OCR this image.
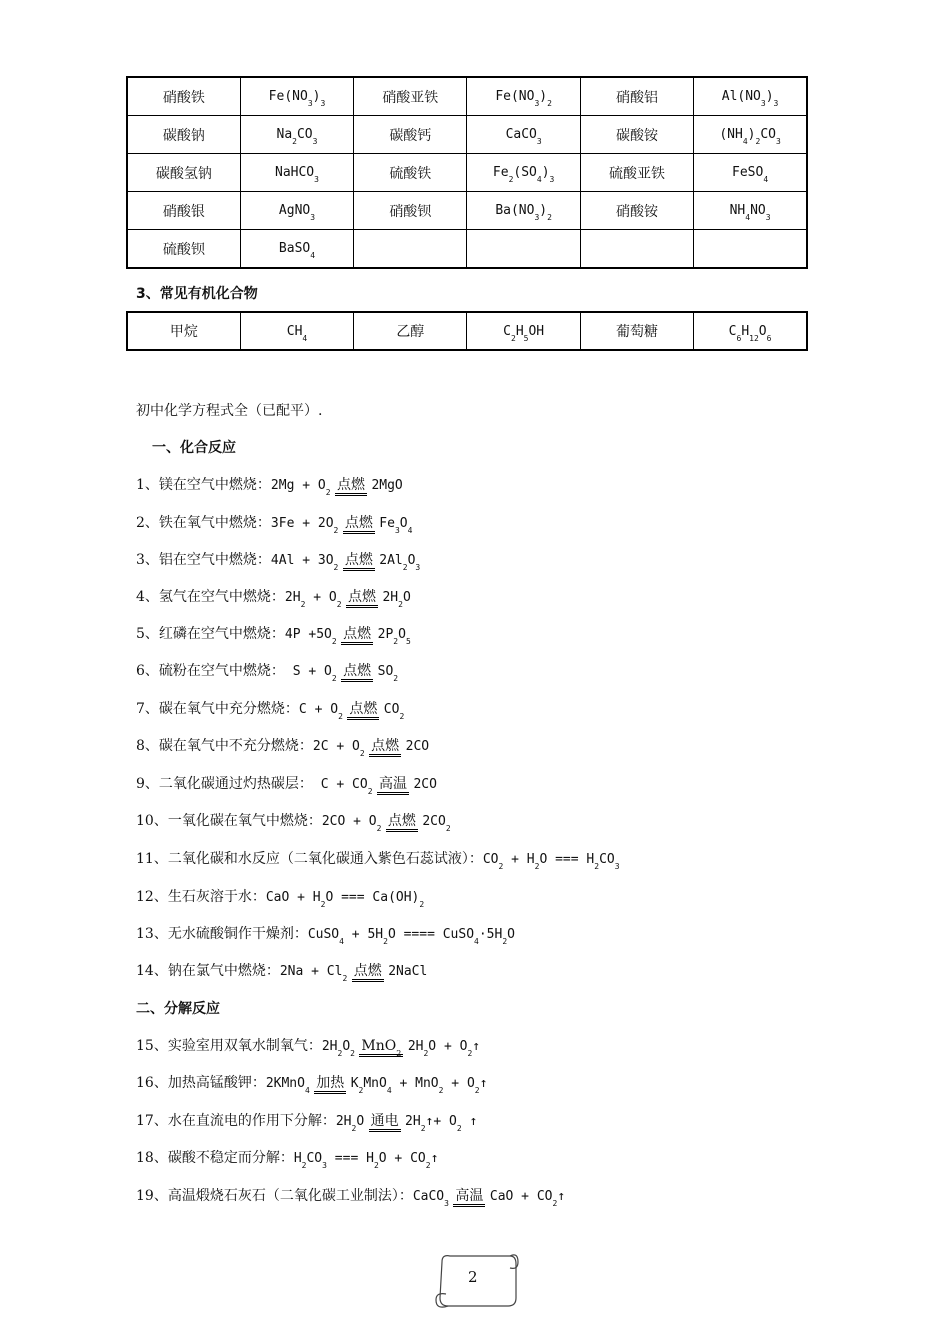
硝酸铁	$Fe(NO_3)_3$	硝酸亚铁	$Fe(NO_3)_2$	硝酸铝	$Al(NO_3)_3$
碳酸钠	$Na_2CO_3$	碳酸钙	CaCO$_3$	碳酸铵	$(NH_4)_2CO_3$
碳酸氢钠	NaHCO$_3$	硫酸铁	$Fe_2(SO_4)_3$	硫酸亚铁	FeSO$_4$
硝酸银	AgNO$_3$	硝酸钡	$Ba(NO_3)_2$	硝酸铵	$NH_4NO_3$
硫酸钡	BaSO$_4$				
3、常见有机化合物
甲烷	$CH_4$	乙醇	$C_2H_5OH$	葡萄糖	$C_6H_{12}O_6$
初中化学方程式全（已配平）.
一、化合反应
二、分解反应
1、镁在空气中燃烧：$2Mg + O_2$ 点燃 2MgO
2、铁在氧气中燃烧：$3Fe + 2O_2$ 点燃 $Fe_3O_4$
3、铝在空气中燃烧：$4Al + 3O_2$ 点燃 $2Al_2O_3$
4、氢气在空气中燃烧：$2H_2 + O_2$ 点燃 $2H_2O$
5、红磷在空气中燃烧：$4P +5O_2$ 点燃 $2P_2O_5$
6、硫粉在空气中燃烧： $S + O_2$ 点燃 $SO_2$
7、碳在氧气中充分燃烧：$C + O_2$ 点燃 $CO_2$
8、碳在氧气中不充分燃烧：$2C + O_2$ 点燃 2CO
9、二氧化碳通过灼热碳层： $C + CO_2$ 高温 2CO
10、一氧化碳在氧气中燃烧：$2CO + O_2$ 点燃 $2CO_2$
11、二氧化碳和水反应（二氧化碳通入紫色石蕊试液）：$CO_2 + H_2O$ === $H_2CO_3$
12、生石灰溶于水：CaO + $H_2O$ === $Ca(OH)_2$
13、无水硫酸铜作干燥剂：CuSO$_4$ + $5H_2O$ ==== $CuSO_4\cdot 5H_2O$
14、钠在氯气中燃烧：$2Na + Cl_2$ 点燃 2NaCl
15、实验室用双氧水制氧气：$2H_2O_2$ MnO$_2$ $2H_2O$ + $O_2↑$
16、加热高锰酸钾：2KMnO$_4$ 加热 $K_2MnO_4 + MnO_2$ + $O_2↑$
17、水在直流电的作用下分解：$2H_2O$ 通电 $2H_2↑+ O_2$ ↑
18、碳酸不稳定而分解：$H_2CO_3$ === $H_2O$ + $CO_2↑$
19、高温煅烧石灰石（二氧化碳工业制法）：CaCO$_3$ 高温 CaO + $CO_2↑$
2
